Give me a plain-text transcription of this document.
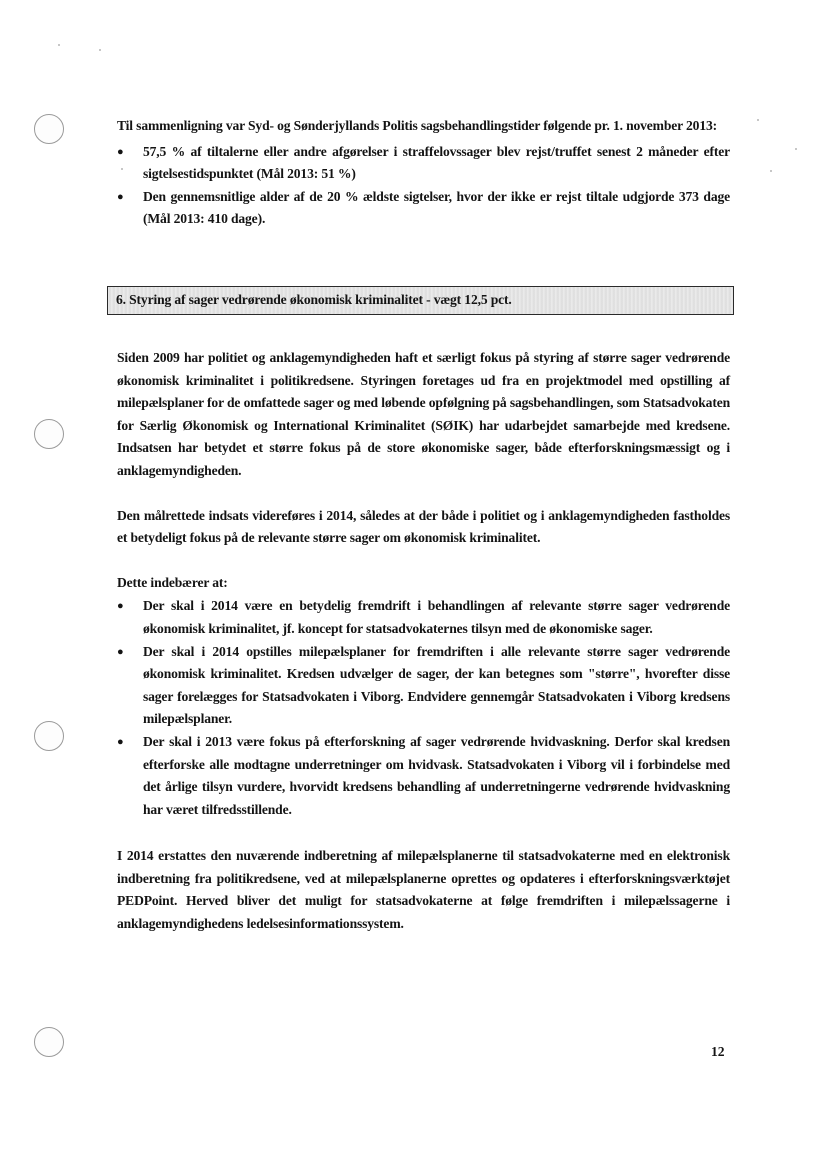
Til sammenligning var Syd- og Sønderjyllands Politis sagsbehandlingstider følgende pr. 1. november 2013:

● 57,5 % af tiltalerne eller andre afgørelser i straffelovssager blev rejst/truffet senest 2 måneder efter sigtelsestidspunktet (Mål 2013: 51 %)
● Den gennemsnitlige alder af de 20 % ældste sigtelser, hvor der ikke er rejst tiltale udgjorde 373 dage (Mål 2013: 410 dage).
6. Styring af sager vedrørende økonomisk kriminalitet - vægt 12,5 pct.

Siden 2009 har politiet og anklagemyndigheden haft et særligt fokus på styring af større sager vedrørende økonomisk kriminalitet i politikredsene. Styringen foretages ud fra en projektmodel med opstilling af milepælsplaner for de omfattede sager og med løbende opfølgning på sagsbehandlingen, som Statsadvokaten for Særlig Økonomisk og International Kriminalitet (SØIK) har udarbejdet samarbejde med kredsene. Indsatsen har betydet et større fokus på de store økonomiske sager, både efterforskningsmæssigt og i anklagemyndigheden.

Den målrettede indsats videreføres i 2014, således at der både i politiet og i anklagemyndigheden fastholdes et betydeligt fokus på de relevante større sager om økonomisk kriminalitet.

Dette indebærer at:

● Der skal i 2014 være en betydelig fremdrift i behandlingen af relevante større sager vedrørende økonomisk kriminalitet, jf. koncept for statsadvokaternes tilsyn med de økonomiske sager.
● Der skal i 2014 opstilles milepælsplaner for fremdriften i alle relevante større sager vedrørende økonomisk kriminalitet. Kredsen udvælger de sager, der kan betegnes som "større", hvorefter disse sager forelægges for Statsadvokaten i Viborg. Endvidere gennemgår Statsadvokaten i Viborg kredsens milepælsplaner.
● Der skal i 2013 være fokus på efterforskning af sager vedrørende hvidvaskning. Derfor skal kredsen efterforske alle modtagne underretninger om hvidvask. Statsadvokaten i Viborg vil i forbindelse med det årlige tilsyn vurdere, hvorvidt kredsens behandling af underretningerne vedrørende hvidvaskning har været tilfredsstillende.

I 2014 erstattes den nuværende indberetning af milepælsplanerne til statsadvokaterne med en elektronisk indberetning fra politikredsene, ved at milepælsplanerne oprettes og opdateres i efterforskningsværktøjet PEDPoint. Herved bliver det muligt for statsadvokaterne at følge fremdriften i milepælssagerne i anklagemyndighedens ledelsesinformationssystem.

12
